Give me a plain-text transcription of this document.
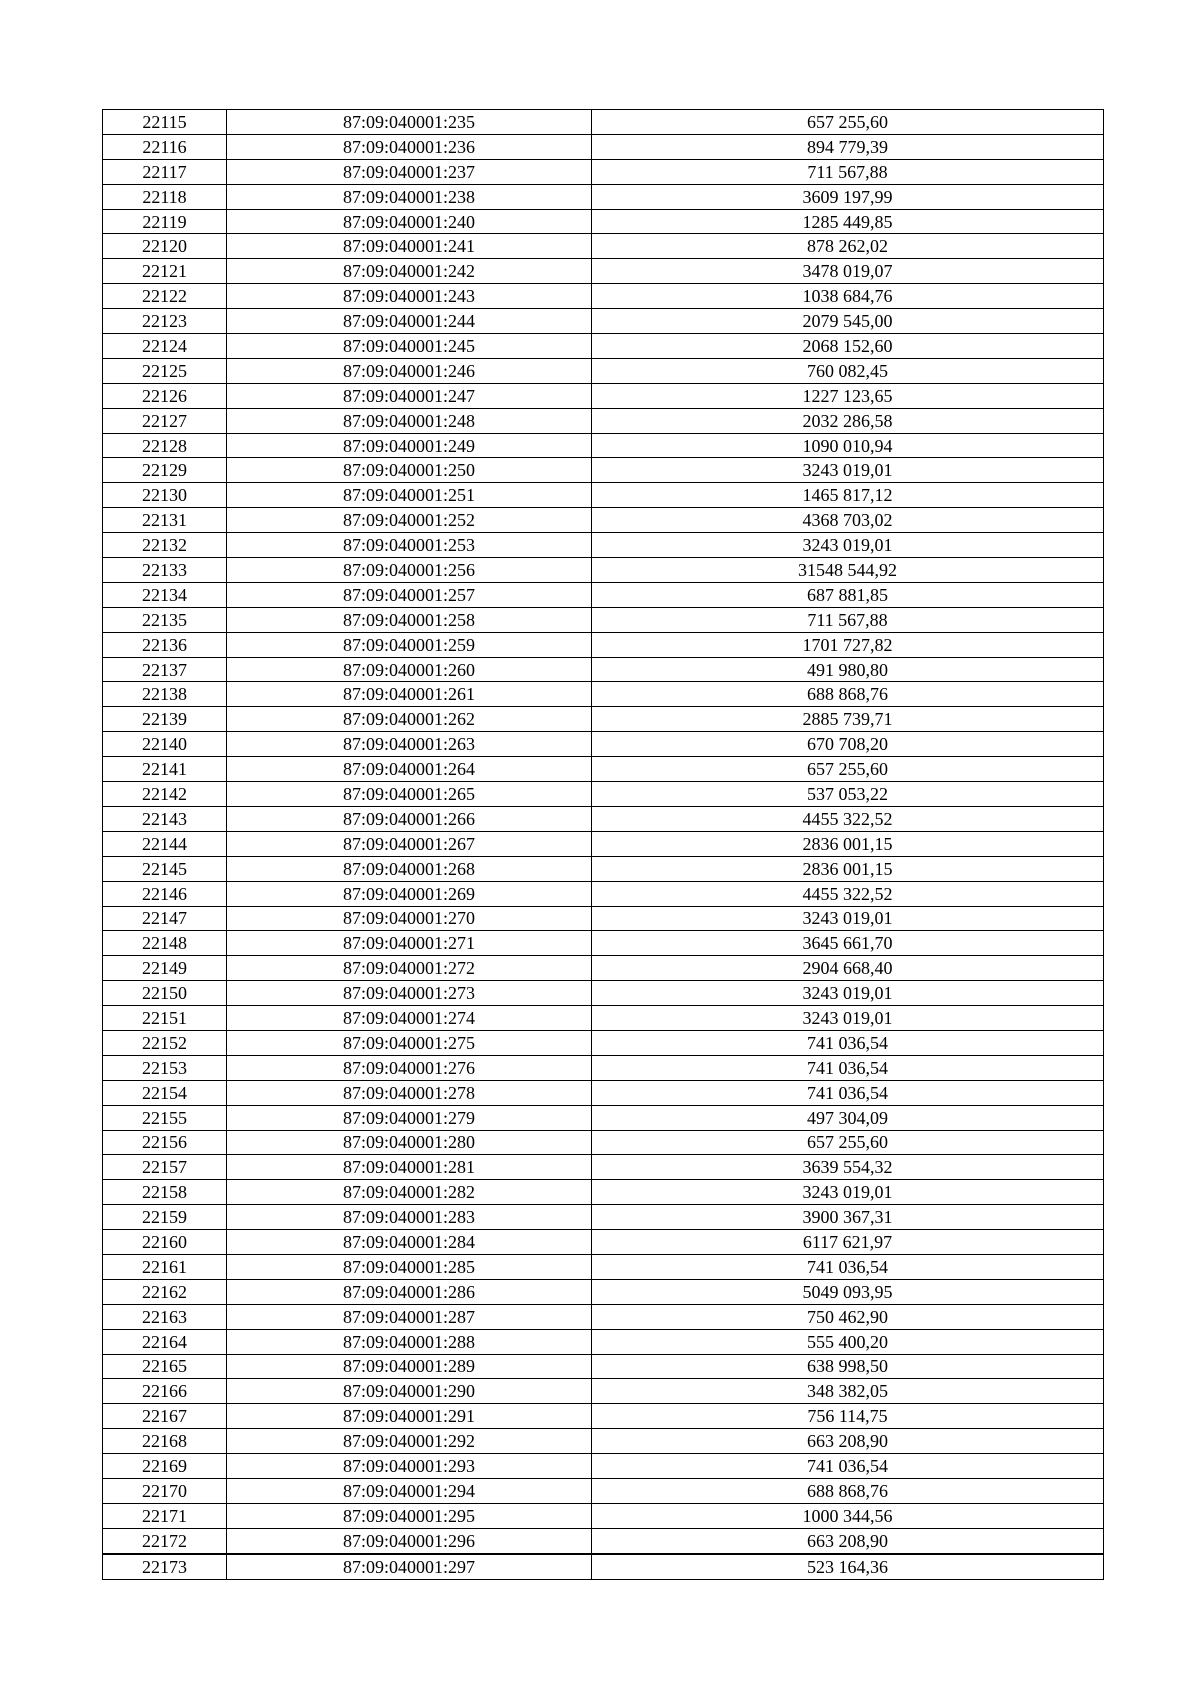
22115	87:09:040001:235	657 255,60
22116	87:09:040001:236	894 779,39
22117	87:09:040001:237	711 567,88
22118	87:09:040001:238	3609 197,99
22119	87:09:040001:240	1285 449,85
22120	87:09:040001:241	878 262,02
22121	87:09:040001:242	3478 019,07
22122	87:09:040001:243	1038 684,76
22123	87:09:040001:244	2079 545,00
22124	87:09:040001:245	2068 152,60
22125	87:09:040001:246	760 082,45
22126	87:09:040001:247	1227 123,65
22127	87:09:040001:248	2032 286,58
22128	87:09:040001:249	1090 010,94
22129	87:09:040001:250	3243 019,01
22130	87:09:040001:251	1465 817,12
22131	87:09:040001:252	4368 703,02
22132	87:09:040001:253	3243 019,01
22133	87:09:040001:256	31548 544,92
22134	87:09:040001:257	687 881,85
22135	87:09:040001:258	711 567,88
22136	87:09:040001:259	1701 727,82
22137	87:09:040001:260	491 980,80
22138	87:09:040001:261	688 868,76
22139	87:09:040001:262	2885 739,71
22140	87:09:040001:263	670 708,20
22141	87:09:040001:264	657 255,60
22142	87:09:040001:265	537 053,22
22143	87:09:040001:266	4455 322,52
22144	87:09:040001:267	2836 001,15
22145	87:09:040001:268	2836 001,15
22146	87:09:040001:269	4455 322,52
22147	87:09:040001:270	3243 019,01
22148	87:09:040001:271	3645 661,70
22149	87:09:040001:272	2904 668,40
22150	87:09:040001:273	3243 019,01
22151	87:09:040001:274	3243 019,01
22152	87:09:040001:275	741 036,54
22153	87:09:040001:276	741 036,54
22154	87:09:040001:278	741 036,54
22155	87:09:040001:279	497 304,09
22156	87:09:040001:280	657 255,60
22157	87:09:040001:281	3639 554,32
22158	87:09:040001:282	3243 019,01
22159	87:09:040001:283	3900 367,31
22160	87:09:040001:284	6117 621,97
22161	87:09:040001:285	741 036,54
22162	87:09:040001:286	5049 093,95
22163	87:09:040001:287	750 462,90
22164	87:09:040001:288	555 400,20
22165	87:09:040001:289	638 998,50
22166	87:09:040001:290	348 382,05
22167	87:09:040001:291	756 114,75
22168	87:09:040001:292	663 208,90
22169	87:09:040001:293	741 036,54
22170	87:09:040001:294	688 868,76
22171	87:09:040001:295	1000 344,56
22172	87:09:040001:296	663 208,90
22173	87:09:040001:297	523 164,36
